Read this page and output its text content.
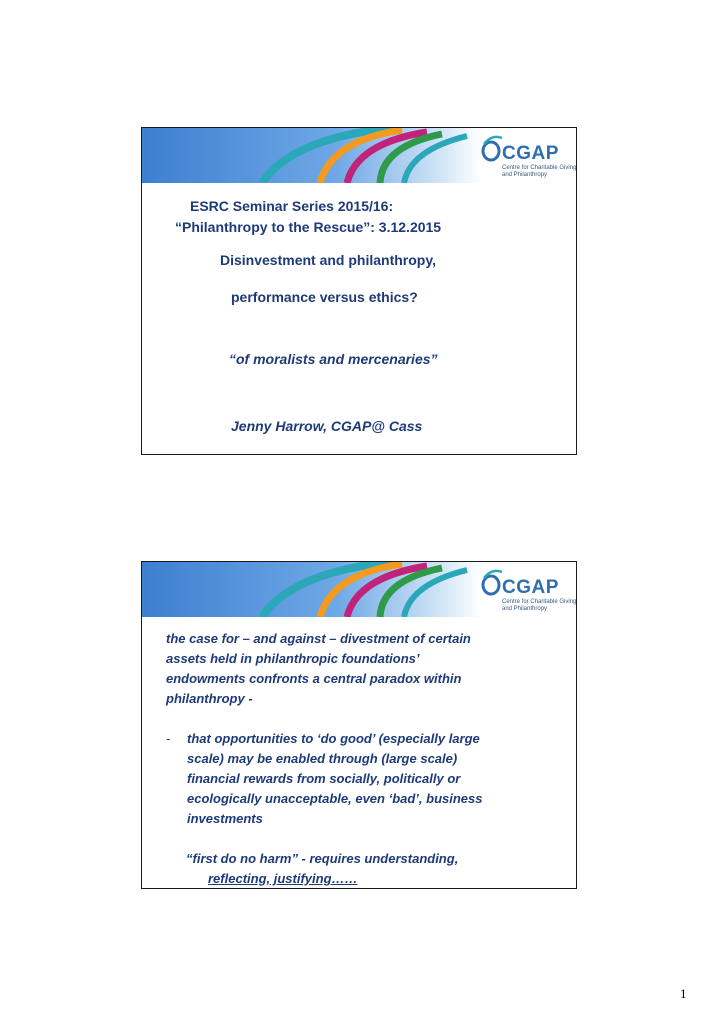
CGAP
Centre for Charitable Giving
and Philanthropy
ESRC Seminar Series 2015/16:
“Philanthropy to the Rescue”: 3.12.2015
Disinvestment and philanthropy,
performance versus ethics?
“of moralists and mercenaries”
Jenny Harrow, CGAP@ Cass
CGAP
Centre for Charitable Giving
and Philanthropy
the case for – and against – divestment of certain
assets held in philanthropic foundations’
endowments confronts a central paradox within
philanthropy -
- that opportunities to ‘do good’ (especially large
scale) may be enabled through (large scale)
financial rewards from socially, politically or
ecologically unacceptable, even ‘bad’, business
investments
“first do no harm” - requires understanding,
reflecting, justifying……
1
